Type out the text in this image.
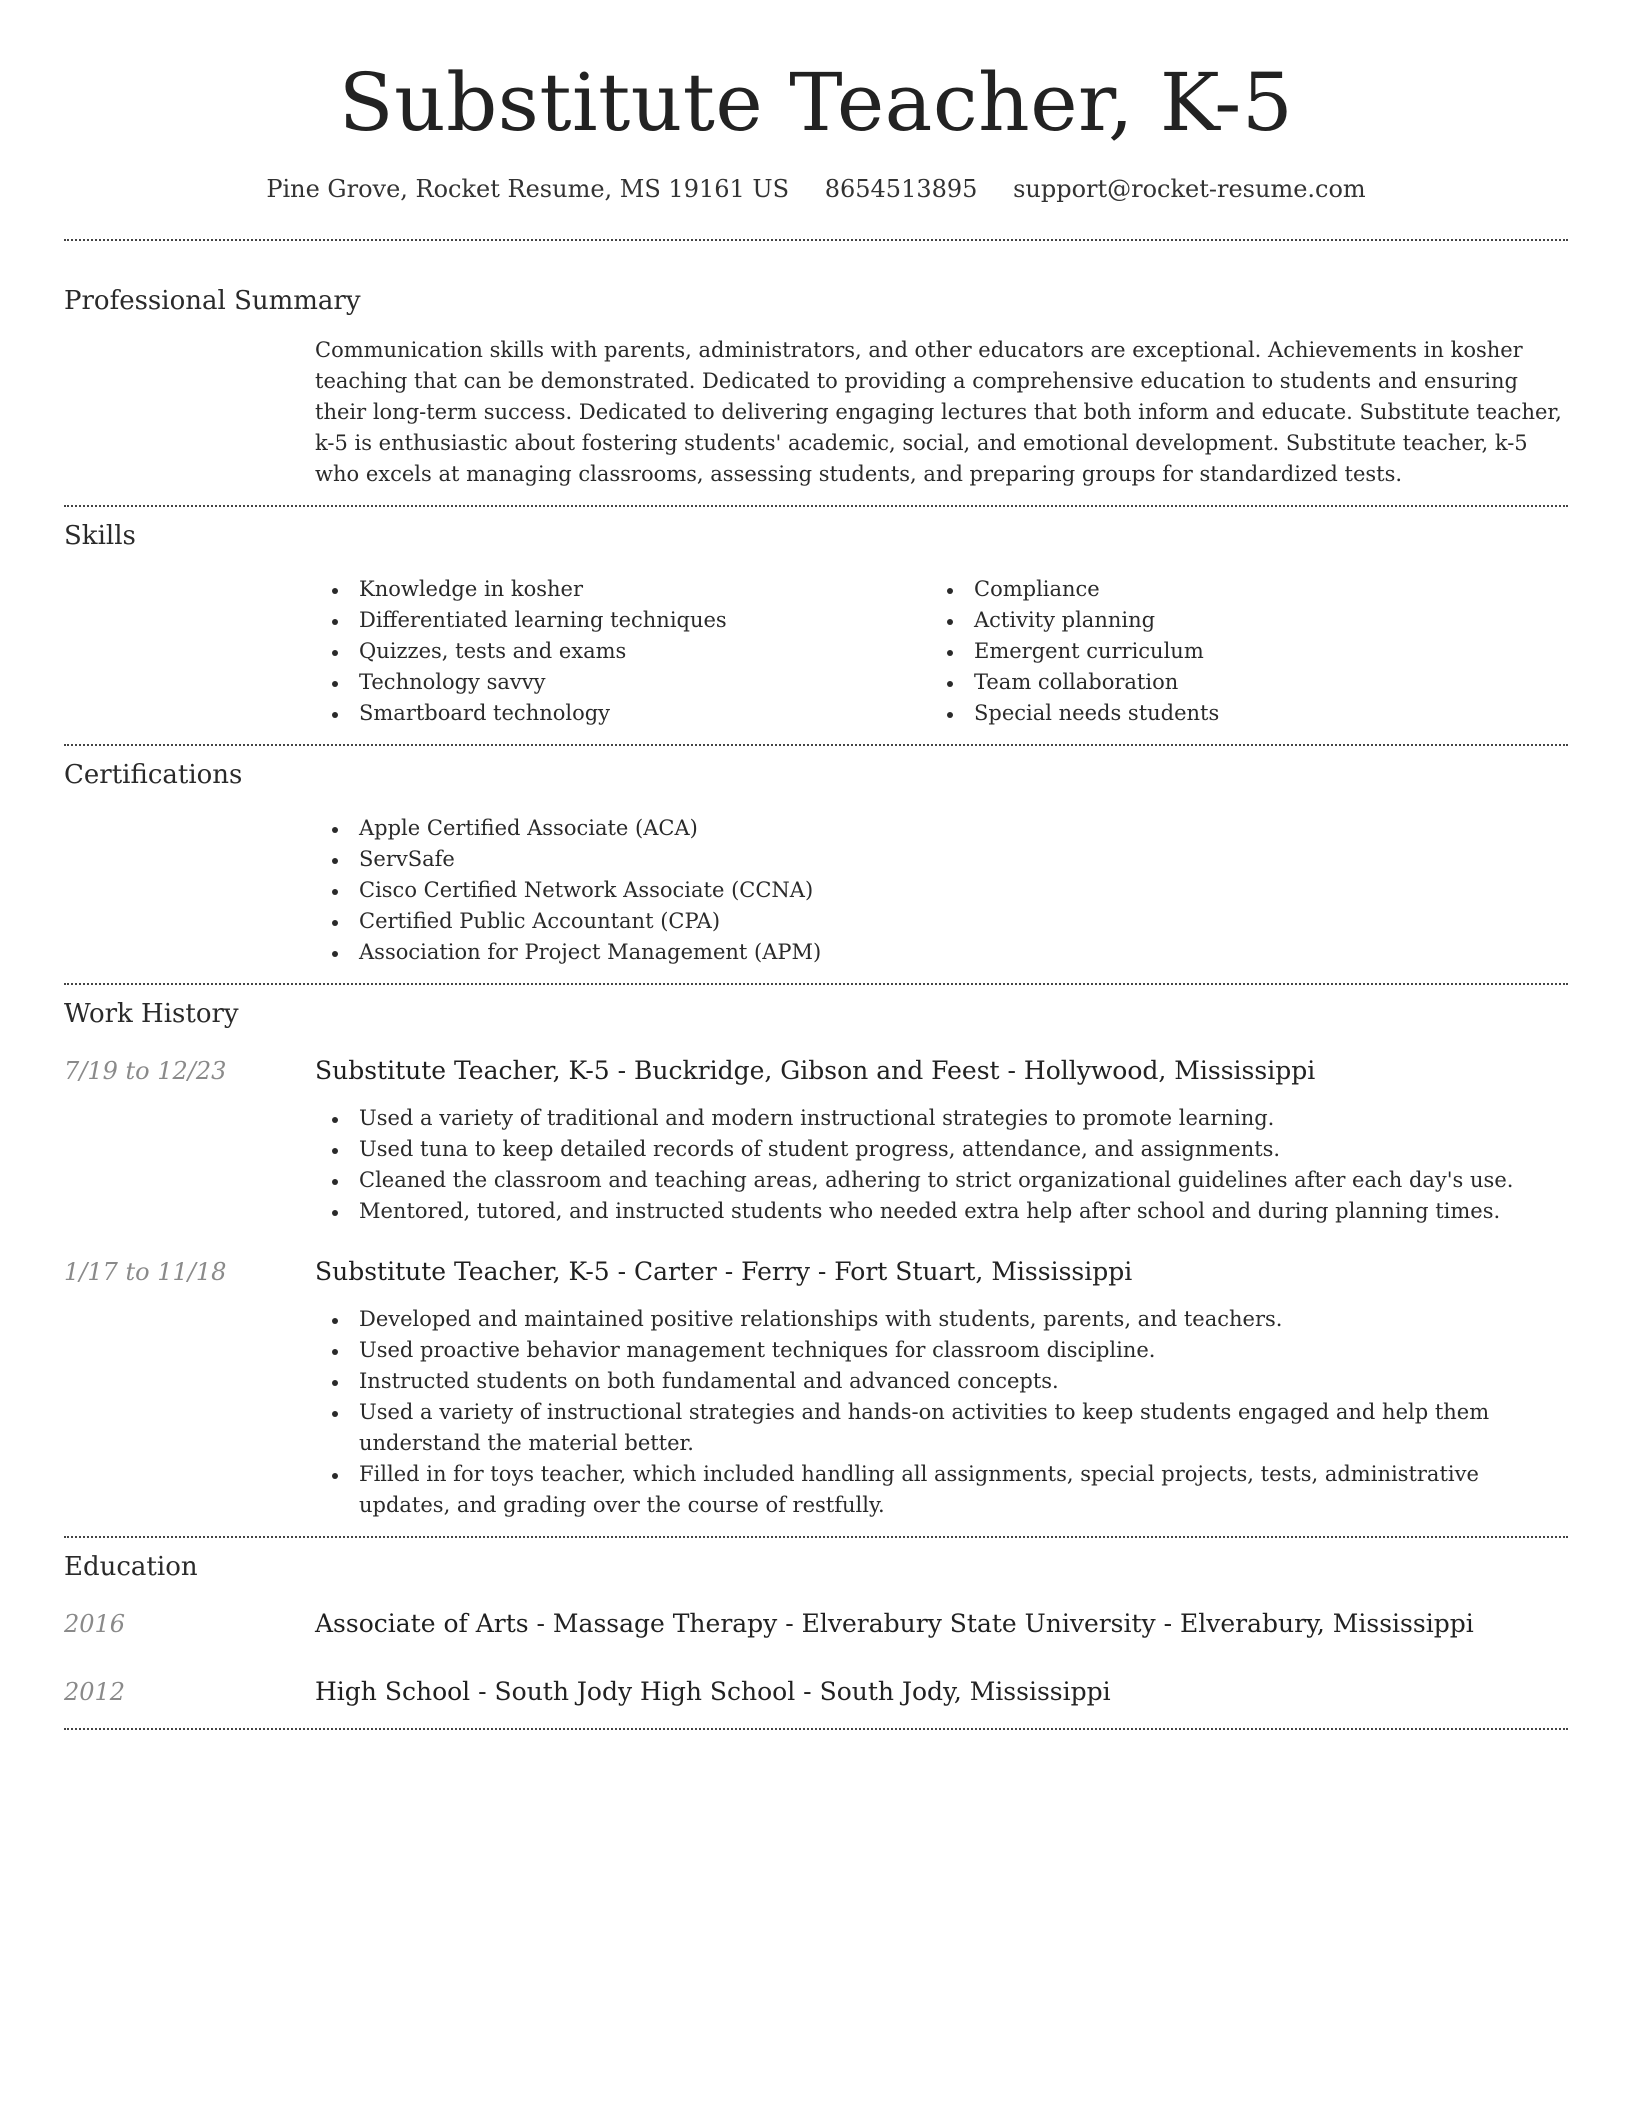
Substitute Teacher, K-5
Pine Grove, Rocket Resume, MS 19161 US 8654513895 support@rocket-resume.com
Professional Summary

Communication skills with parents, administrators, and other educators are exceptional. Achievements in kosher teaching that can be demonstrated. Dedicated to providing a comprehensive education to students and ensuring their long-term success. Dedicated to delivering engaging lectures that both inform and educate. Substitute teacher, k-5 is enthusiastic about fostering students' academic, social, and emotional development. Substitute teacher, k-5 who excels at managing classrooms, assessing students, and preparing groups for standardized tests.

Skills
Knowledge in kosher
Differentiated learning techniques
Quizzes, tests and exams
Technology savvy
Smartboard technology
Compliance
Activity planning
Emergent curriculum
Team collaboration
Special needs students
Certifications
Apple Certified Associate (ACA)
ServSafe
Cisco Certified Network Associate (CCNA)
Certified Public Accountant (CPA)
Association for Project Management (APM)
Work History
7/19 to 12/23	Substitute Teacher, K-5 - Buckridge, Gibson and Feest - Hollywood, Mississippi
Used a variety of traditional and modern instructional strategies to promote learning.
Used tuna to keep detailed records of student progress, attendance, and assignments.
Cleaned the classroom and teaching areas, adhering to strict organizational guidelines after each day's use.
Mentored, tutored, and instructed students who needed extra help after school and during planning times.
1/17 to 11/18	Substitute Teacher, K-5 - Carter - Ferry - Fort Stuart, Mississippi
Developed and maintained positive relationships with students, parents, and teachers.
Used proactive behavior management techniques for classroom discipline.
Instructed students on both fundamental and advanced concepts.
Used a variety of instructional strategies and hands-on activities to keep students engaged and help them understand the material better.
Filled in for toys teacher, which included handling all assignments, special projects, tests, administrative updates, and grading over the course of restfully.
Education
2016	Associate of Arts - Massage Therapy - Elverabury State University - Elverabury, Mississippi
2012	High School - South Jody High School - South Jody, Mississippi
